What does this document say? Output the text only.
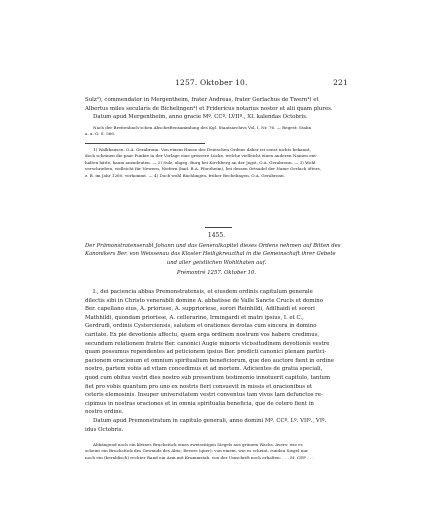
1257. Oktober 10.	221

Sulz³), commendator in Mergentheim, frater Andreas, frater Gerlachus de Twern⁴) et

Albertus miles secularis de Bichelingen⁴) et Fridericus notarius noster et alii quam plures.

Datum apud Mergentheim, anno gracie Mº. CCº. LVIIº., XI. kalendas Octobris.

Nach der Breitenbach’schen Abschriftensammlung des Kgl. Staatsarchivs Vol. I, Nr. 76. — Regest: Stalin

a. a. O. S. 566.

1) Walkhausen, O.A. Gerabronn. Von einem Hause des Deutschen Ordens daher ist sonst nichts bekannt,

doch scheinen die paar Punkte in der Vorlage eine grossere Lücke, welche vielleicht einen anderen Namen ent-

halten hätte, kaum anzudeuten. — 2) Sulz, abgeg. Burg bei Kirchberg an der Jagst, O.A. Gerabronn. — 3) Wohl

verschrieben, vielleicht für Newern, Niefern (bad. B.A. Pforzheim), bei dessen Ortsadel der Name Gerlach öfters,

z. B. im Jahr 1260, vorkommt. — 4) Doch wohl Bächlingen, früher Bechelingen, O.A. Gerabronn.

1455.

Der Prämonstratenserabt Johann und das Generalkapitel dieses Ordens nehmen auf Bitten des

Kanonikers Ber. von Weissenau das Kloster Heiligkreuzthal in die Gemeinschaft ihrer Gebete

und aller geistlichen Wohlthaten auf.

Prémontré 1257. Oktober 10.

I., dei paciencia abbas Premonstratensis, et eiusdem ordinis capitulum generale

dilectis sibi in Christo venerabili domine A. abbatisse de Valle Sancte Crucis et domino

Ber. capellano eius, A. priorisse, A. supprioriese, sorori Reinhildi, Adilhaidi et sorori

Mathhildi, quondam priorisse, A. cellerarine, Irmingardi et matri ipsius, I. et C.,

Gerdrudi, ordinis Cysterciensis, salutem et orationes devotas cum sincera in domino

caritate. Ex pie devotionis affectu, quem erga ordinem nostrum vos habere credimus,

secundum relationem fratris Ber. canonici Augie minoris vicissitudinem devotionis vestre

quam possumus rependentes ad peticionem ipsius Ber. predicti canonici plenam partici-

pacionem oracionum et omnium spiritualium beneficiorum, que deo auctore fient in ordine

nostro, partem vobis ad vitam concedimus et ad mortem. Adicientes de gratia speciali,

quod cum obitus vestri dies nostro sub presentium testimonio innotuerit capitulo, tantum

fiet pro vobis quantum pro uno ex nostris fieri consuevit in missis et oracionibus et

ceteris elemosinis. Insuper universitatem vestri conventus tam vivos tam defunctos re-

cipimus in nostras oraciones et in omnia spiritualia beneficia, que de cetero fient in

nostro ordine.

Datum apud Premonstratum in capitulo generali, anno domini Mº. CCº. Lº. VIIº., VIº.

idus Octobris.

Abhängend noch ein kleines Bruchstück eines zweiseitigen Siegels aus grünem Wachs. Avers: wie es

scheint ein Bruchstück des Gewands des Abts; Revers (quer): von einem, wie es scheint, runden Siegel nur

noch ein (heraldisch) rechter Rand ein Arm mit Krummstab, von der Umschrift noch erhalten: . . . M. CEP . . .
